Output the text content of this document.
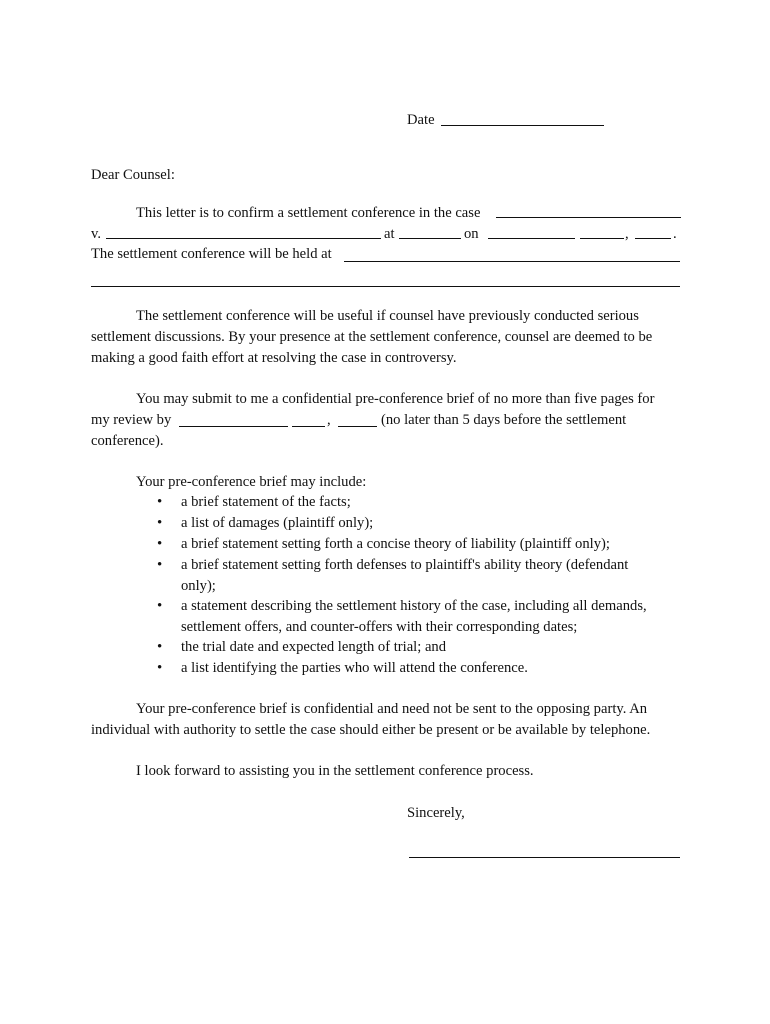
Date
Dear Counsel:
This letter is to confirm a settlement conference in the case
v.	at	on	,	.
The settlement conference will be held at
The settlement conference will be useful if counsel have previously conducted serious
settlement discussions. By your presence at the settlement conference, counsel are deemed to be
making a good faith effort at resolving the case in controversy.
You may submit to me a confidential pre-conference brief of no more than five pages for
my review by	,	(no later than 5 days before the settlement
conference).
Your pre-conference brief may include:
• a brief statement of the facts;
• a list of damages (plaintiff only);
• a brief statement setting forth a concise theory of liability (plaintiff only);
• a brief statement setting forth defenses to plaintiff's ability theory (defendant
only);
• a statement describing the settlement history of the case, including all demands,
settlement offers, and counter-offers with their corresponding dates;
• the trial date and expected length of trial; and
• a list identifying the parties who will attend the conference.
Your pre-conference brief is confidential and need not be sent to the opposing party. An
individual with authority to settle the case should either be present or be available by telephone.
I look forward to assisting you in the settlement conference process.
Sincerely,
